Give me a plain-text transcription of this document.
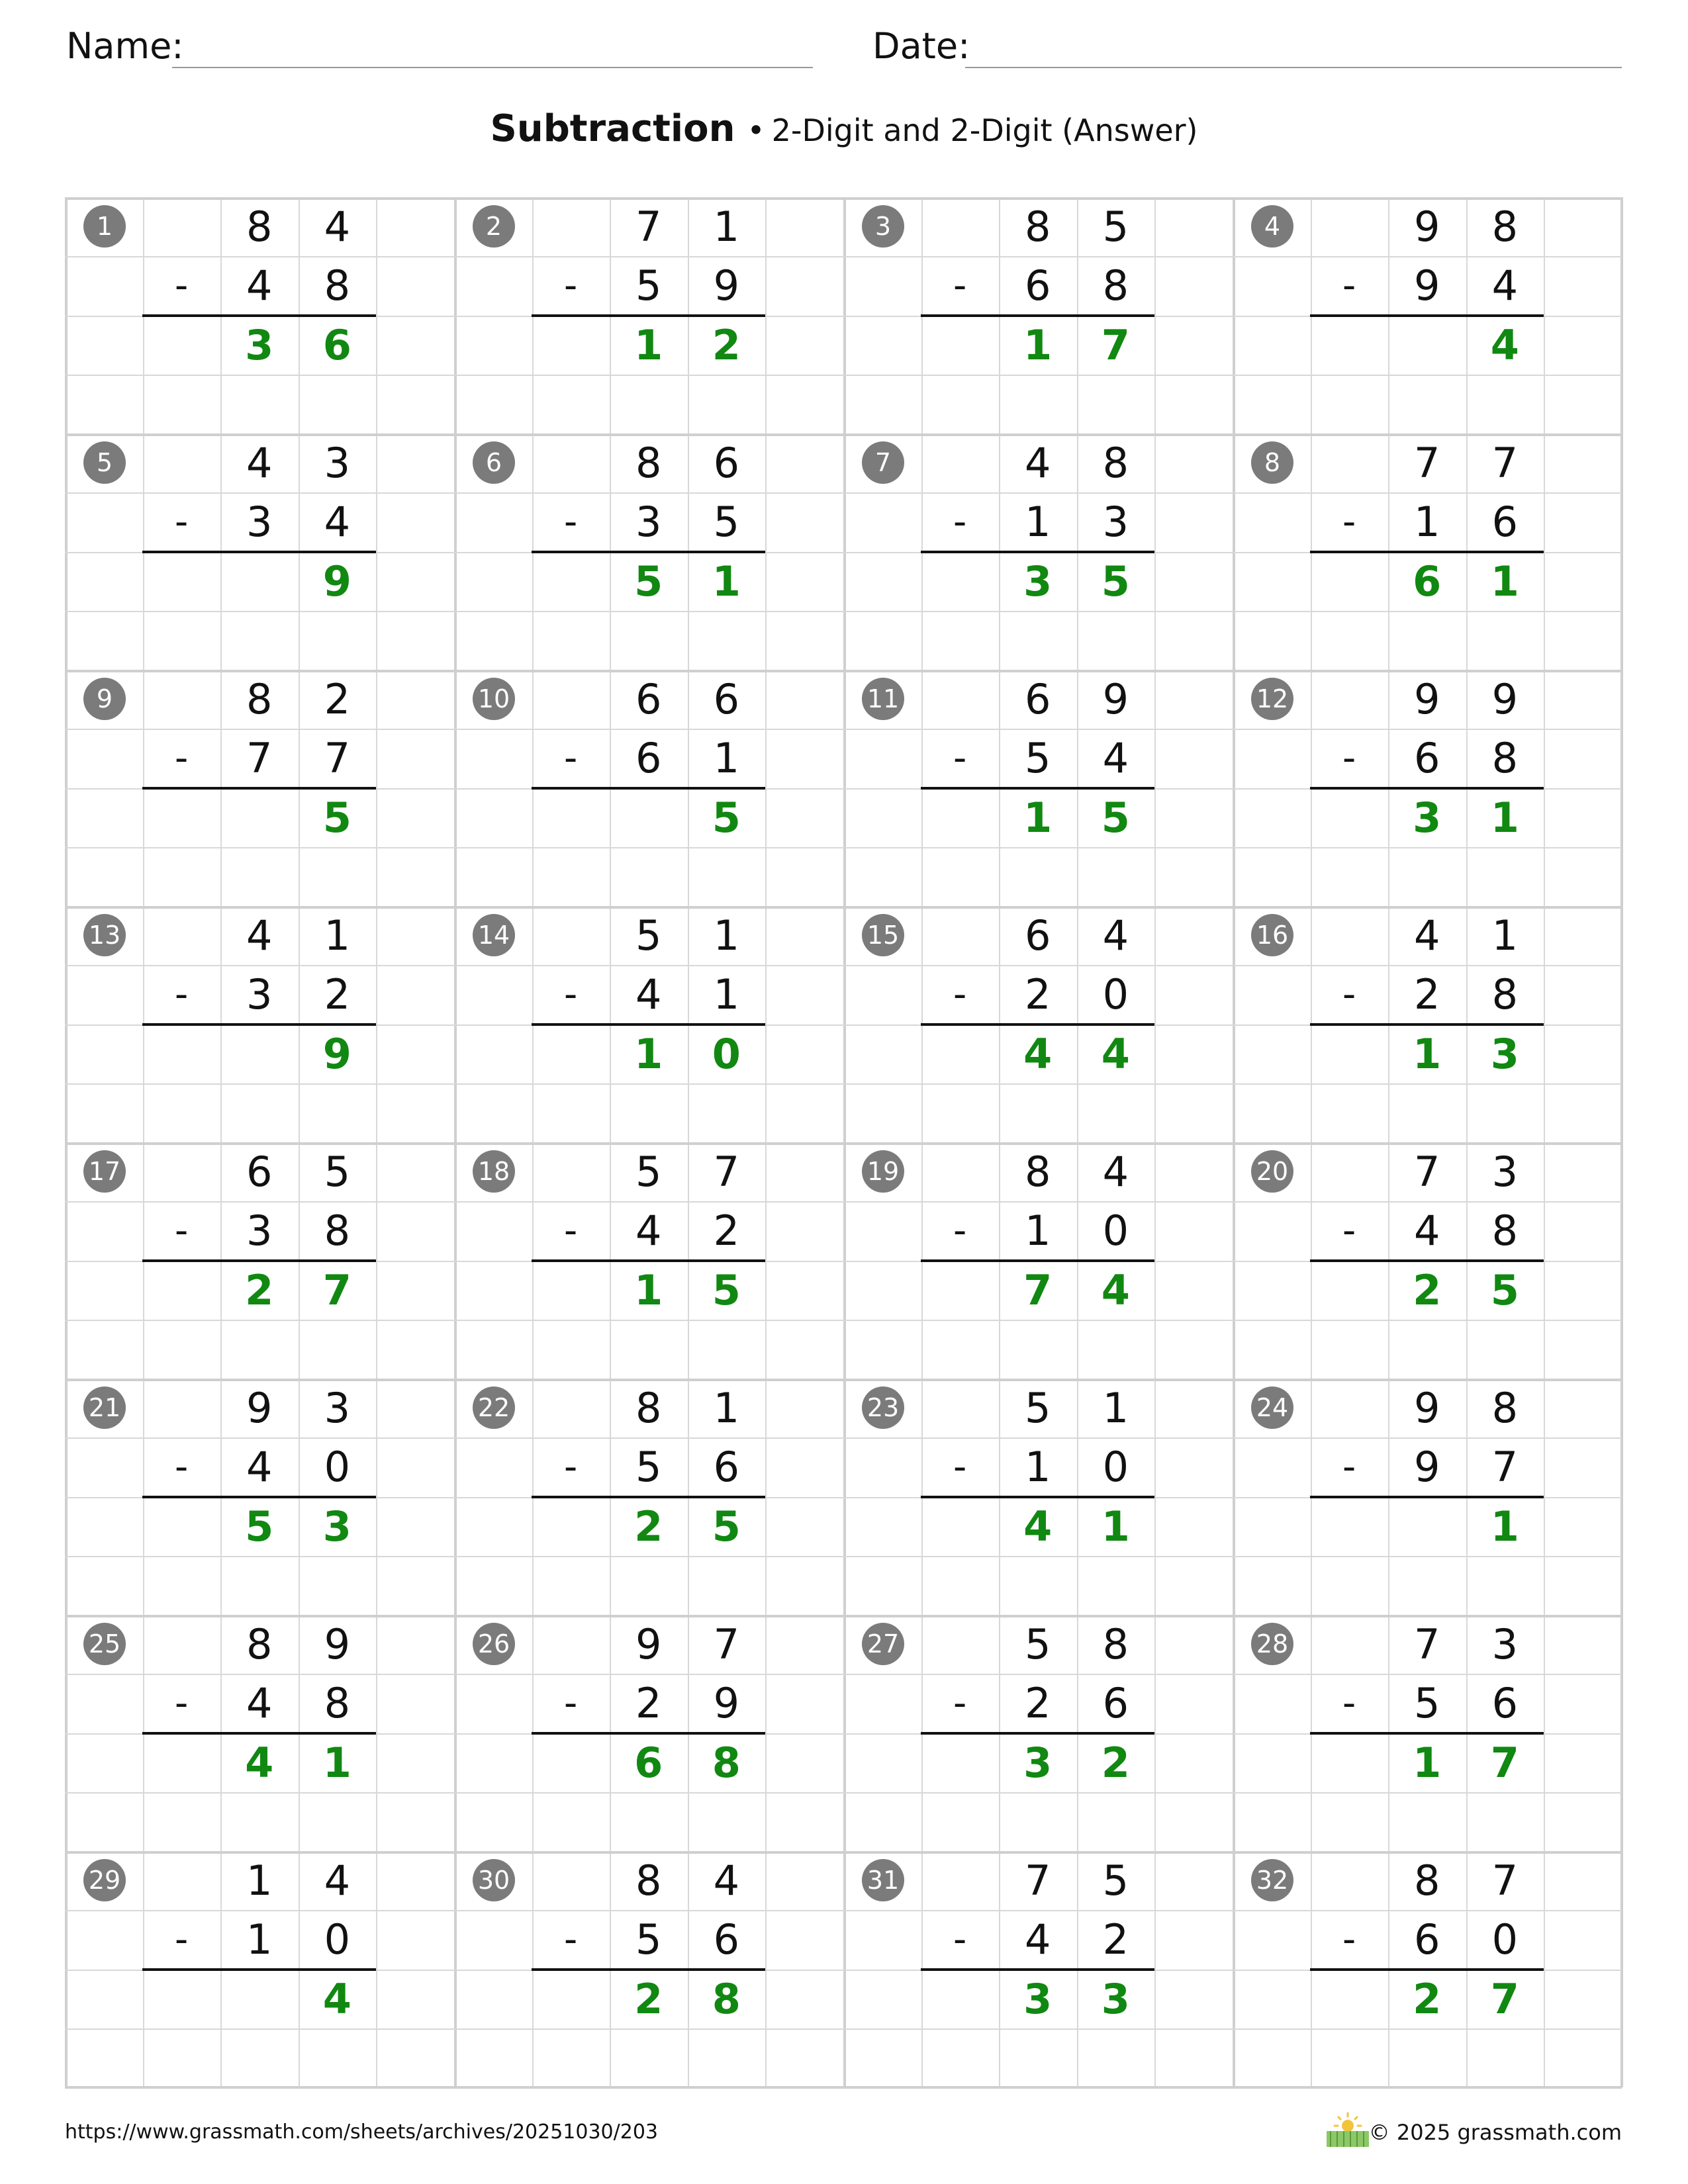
Name:	Date:
Subtraction • 2-Digit and 2-Digit (Answer)
1	8	4
-	4	8
3	6
2	7	1
-	5	9
1	2
3	8	5
-	6	8
1	7
4	9	8
-	9	4
4
5	4	3
-	3	4
9
6	8	6
-	3	5
5	1
7	4	8
-	1	3
3	5
8	7	7
-	1	6
6	1
9	8	2
-	7	7
5
10	6	6
-	6	1
5
11	6	9
-	5	4
1	5
12	9	9
-	6	8
3	1
13	4	1
-	3	2
9
14	5	1
-	4	1
1	0
15	6	4
-	2	0
4	4
16	4	1
-	2	8
1	3
17	6	5
-	3	8
2	7
18	5	7
-	4	2
1	5
19	8	4
-	1	0
7	4
20	7	3
-	4	8
2	5
21	9	3
-	4	0
5	3
22	8	1
-	5	6
2	5
23	5	1
-	1	0
4	1
24	9	8
-	9	7
1
25	8	9
-	4	8
4	1
26	9	7
-	2	9
6	8
27	5	8
-	2	6
3	2
28	7	3
-	5	6
1	7
29	1	4
-	1	0
4
30	8	4
-	5	6
2	8
31	7	5
-	4	2
3	3
32	8	7
-	6	0
2	7
https://www.grassmath.com/sheets/archives/20251030/203	© 2025 grassmath.com
